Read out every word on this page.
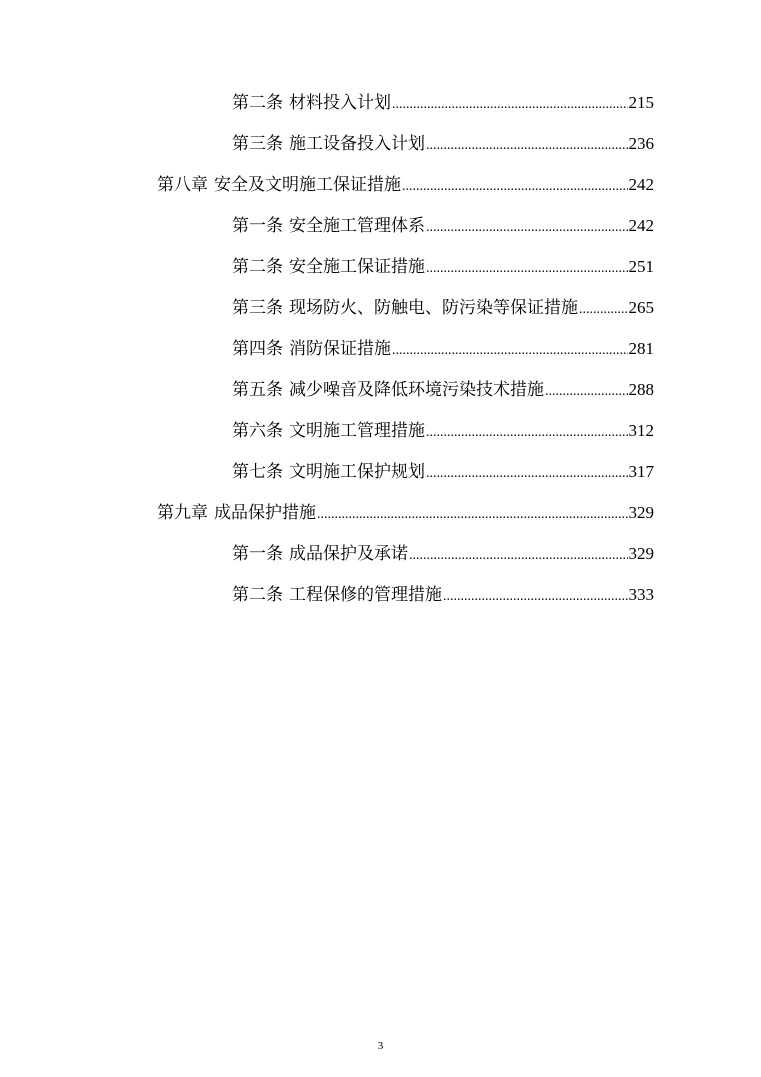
第二条 材料投入计划 .....	215
第三条 施工设备投入计划 .....	236
第八章 安全及文明施工保证措施 .....	242
第一条 安全施工管理体系 .....	242
第二条 安全施工保证措施 .....	251
第三条 现场防火、防触电、防污染等保证措施 .....	265
第四条 消防保证措施 .....	281
第五条 减少噪音及降低环境污染技术措施 .....	288
第六条 文明施工管理措施 .....	312
第七条 文明施工保护规划 .....	317
第九章 成品保护措施 .....	329
第一条 成品保护及承诺 .....	329
第二条 工程保修的管理措施 .....	333
3
